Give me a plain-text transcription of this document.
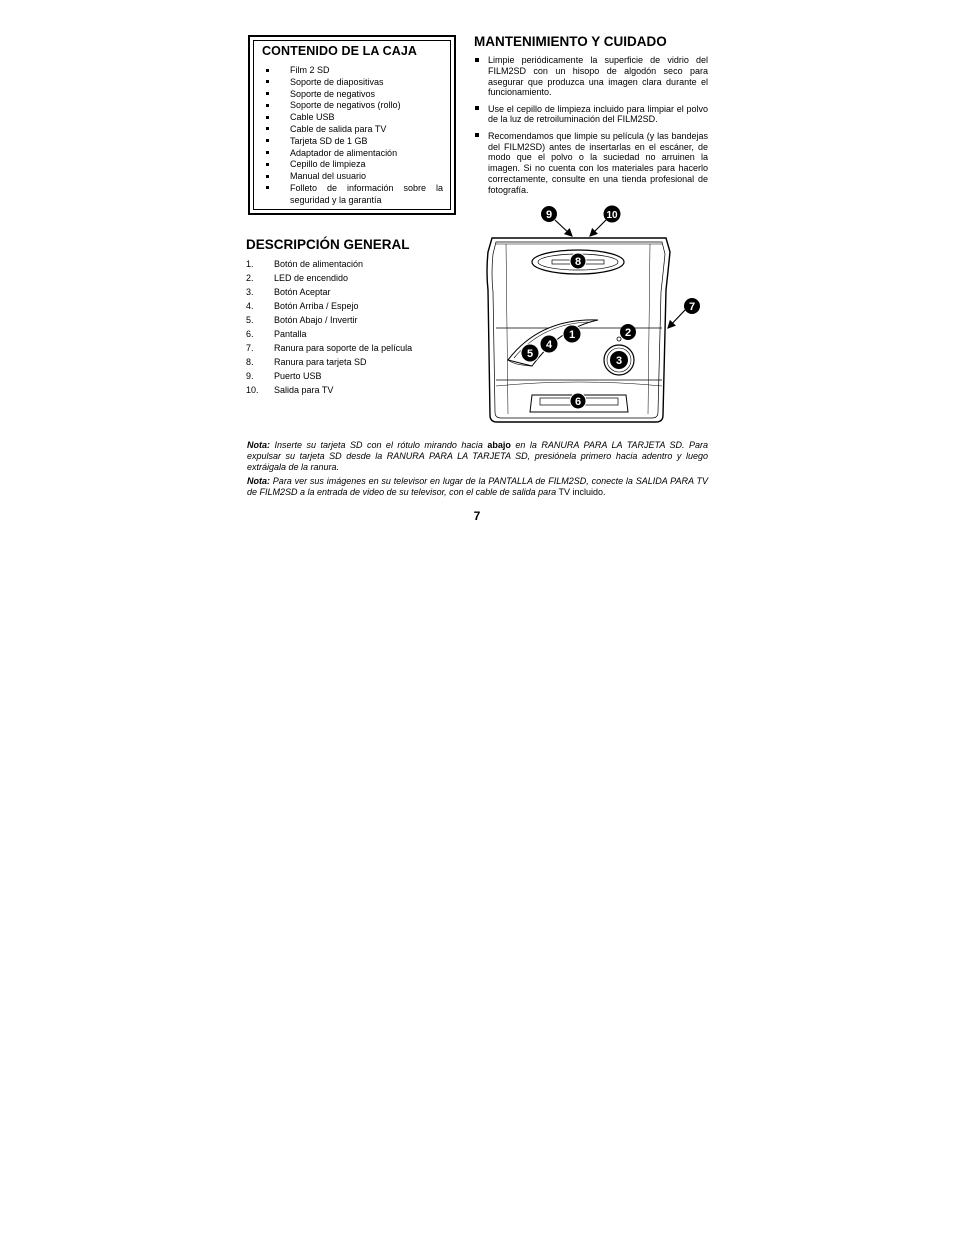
CONTENIDO DE LA CAJA
Film 2 SD
Soporte de diapositivas
Soporte de negativos
Soporte de negativos (rollo)
Cable USB
Cable de salida para TV
Tarjeta SD de 1 GB
Adaptador de alimentación
Cepillo de limpieza
Manual del usuario
Folleto de información sobre la seguridad y la garantía
DESCRIPCIÓN GENERAL
1. Botón de alimentación
2. LED de encendido
3. Botón Aceptar
4. Botón Arriba / Espejo
5. Botón Abajo / Invertir
6. Pantalla
7. Ranura para soporte de la película
8. Ranura para tarjeta SD
9. Puerto USB
10. Salida para TV
MANTENIMIENTO Y CUIDADO
Limpie periódicamente la superficie de vidrio del FILM2SD con un hisopo de algodón seco para asegurar que produzca una imagen clara durante el funcionamiento.
Use el cepillo de limpieza incluido para limpiar el polvo de la luz de retroiluminación del FILM2SD.
Recomendamos que limpie su película (y las bandejas del FILM2SD) antes de insertarlas en el escáner, de modo que el polvo o la suciedad no arruinen la imagen. Si no cuenta con los materiales para hacerlo correctamente, consulte en una tienda profesional de fotografía.
9	10
8
7
1	2
3
4
5
6
Nota: Inserte su tarjeta SD con el rótulo mirando hacia abajo en la RANURA PARA LA TARJETA SD. Para expulsar su tarjeta SD desde la RANURA PARA LA TARJETA SD, presiónela primero hacia adentro y luego extráigala de la ranura.
Nota: Para ver sus imágenes en su televisor en lugar de la PANTALLA de FILM2SD, conecte la SALIDA PARA TV de FILM2SD a la entrada de video de su televisor, con el cable de salida para TV incluido.
7
